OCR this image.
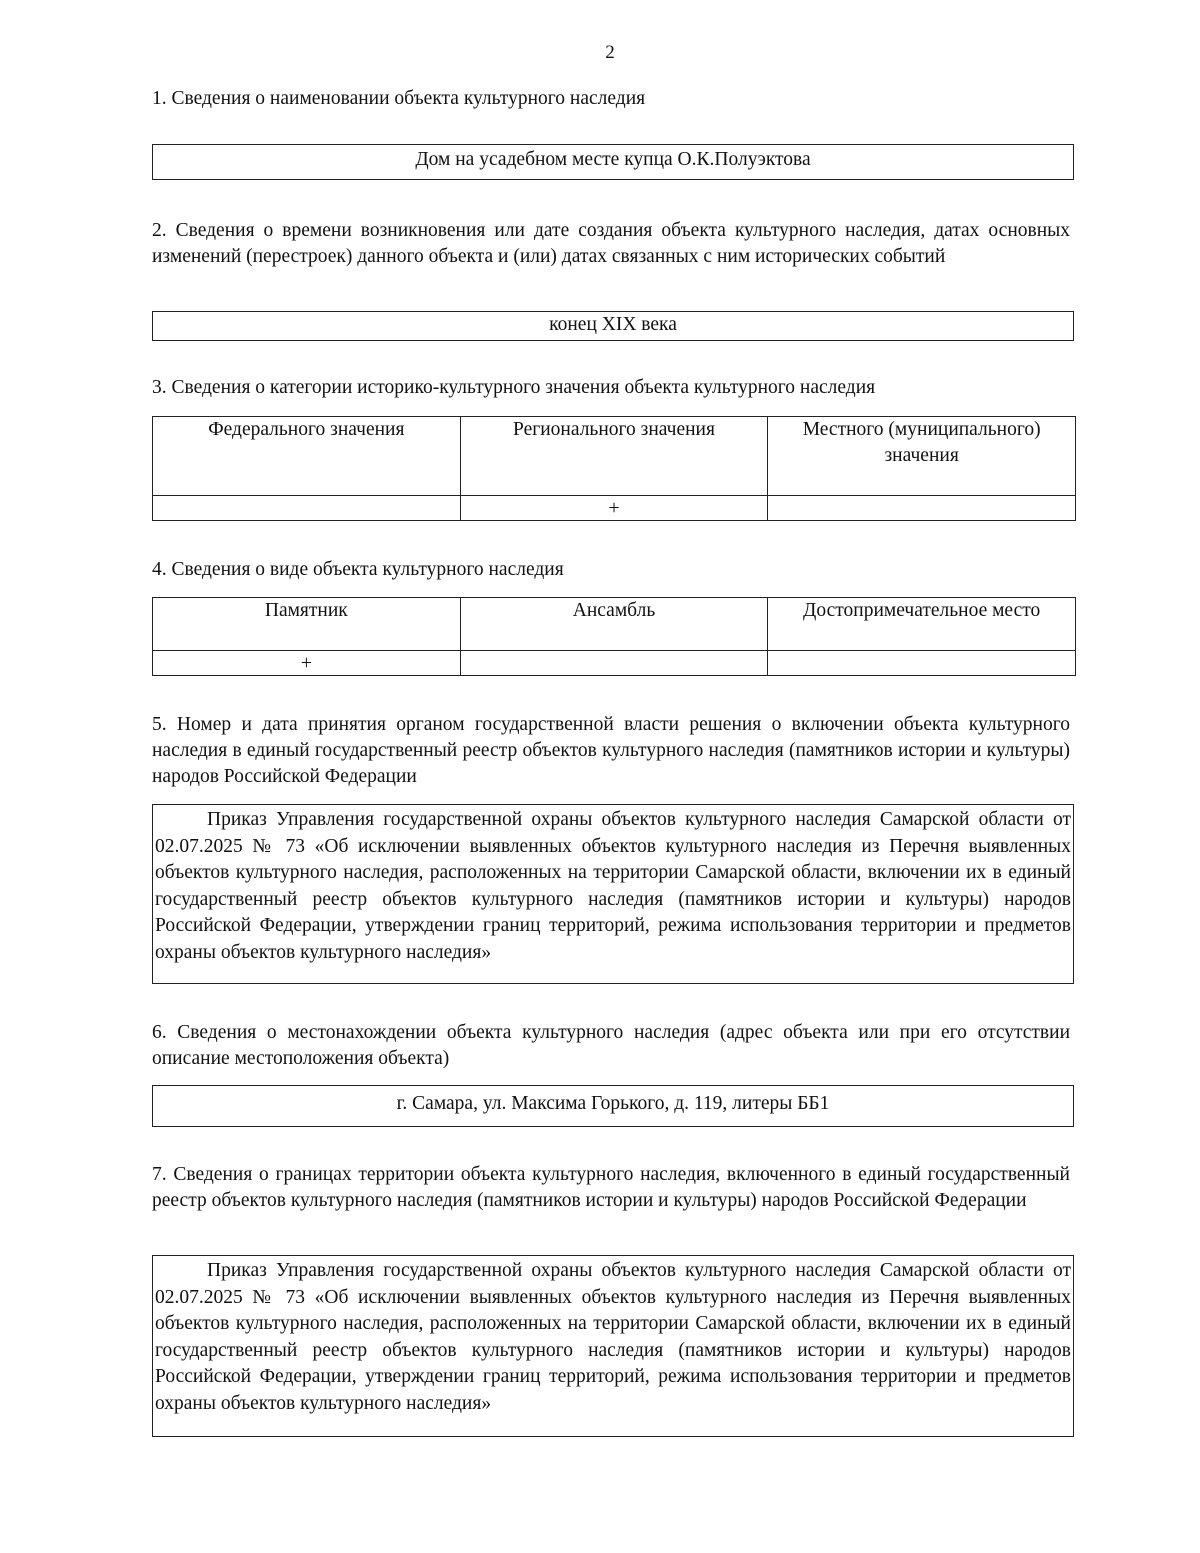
2
1. Сведения о наименовании объекта культурного наследия
Дом на усадебном месте купца О.К.Полуэктова
2. Сведения о времени возникновения или дате создания объекта культурного наследия, датах основных изменений (перестроек) данного объекта и (или) датах связанных с ним исторических событий
конец XIX века
3. Сведения о категории историко-культурного значения объекта культурного наследия
Федерального значения	Регионального значения	Местного (муниципального) значения
	+	
4. Сведения о виде объекта культурного наследия
Памятник	Ансамбль	Достопримечательное место
+		
5. Номер и дата принятия органом государственной власти решения о включении объекта культурного наследия в единый государственный реестр объектов культурного наследия (памятников истории и культуры) народов Российской Федерации
Приказ Управления государственной охраны объектов культурного наследия Самарской области от 02.07.2025 № 73 «Об исключении выявленных объектов культурного наследия из Перечня выявленных объектов культурного наследия, расположенных на территории Самарской области, включении их в единый государственный реестр объектов культурного наследия (памятников истории и культуры) народов Российской Федерации, утверждении границ территорий, режима использования территории и предметов охраны объектов культурного наследия»
6. Сведения о местонахождении объекта культурного наследия (адрес объекта или при его отсутствии описание местоположения объекта)
г. Самара, ул. Максима Горького, д. 119, литеры ББ1
7. Сведения о границах территории объекта культурного наследия, включенного в единый государственный реестр объектов культурного наследия (памятников истории и культуры) народов Российской Федерации
Приказ Управления государственной охраны объектов культурного наследия Самарской области от 02.07.2025 № 73 «Об исключении выявленных объектов культурного наследия из Перечня выявленных объектов культурного наследия, расположенных на территории Самарской области, включении их в единый государственный реестр объектов культурного наследия (памятников истории и культуры) народов Российской Федерации, утверждении границ территорий, режима использования территории и предметов охраны объектов культурного наследия»
